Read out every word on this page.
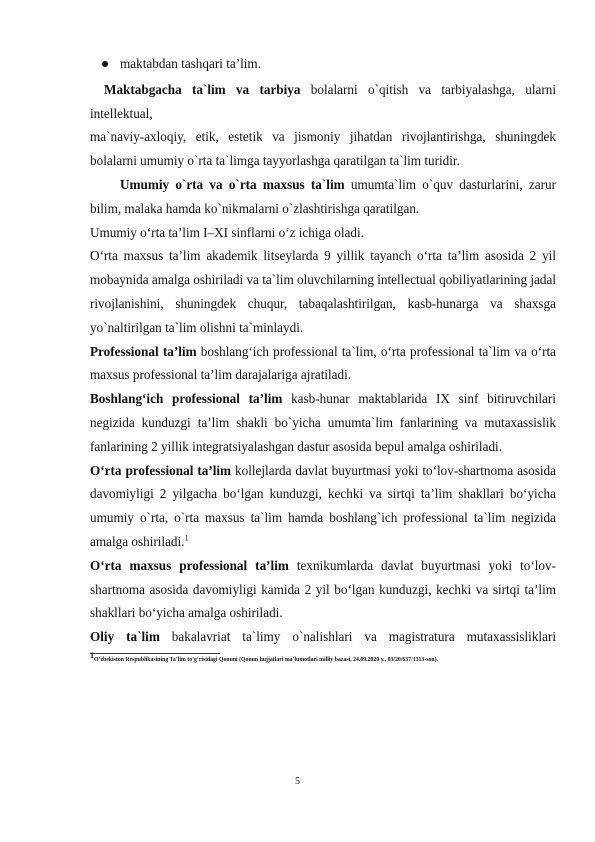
maktabdan tashqari ta’lim.

Maktabgacha ta`lim va tarbiya bolalarni o`qitish va tarbiyalashga, ularni intellektual,

ma`naviy-axloqiy, etik, estetik va jismoniy jihatdan rivojlantirishga, shuningdek bolalarni umumiy o`rta ta`limga tayyorlashga qaratilgan ta`lim turidir.

Umumiy o`rta va o`rta maxsus ta`lim umumta`lim o`quv dasturlarini, zarur bilim, malaka hamda ko`nikmalarni o`zlashtirishga qaratilgan.

Umumiy o‘rta ta’lim I–XI sinflarni o‘z ichiga oladi.

O‘rta maxsus ta’lim akademik litseylarda 9 yillik tayanch o‘rta ta’lim asosida 2 yil mobaynida amalga oshiriladi va ta`lim oluvchilarning intellectual qobiliyatlarining jadal rivojlanishini, shuningdek chuqur, tabaqalashtirilgan, kasb-hunarga va shaxsga yo`naltirilgan ta`lim olishni ta`minlaydi.

Professional ta’lim boshlang‘ich professional ta`lim, o‘rta professional ta`lim va o‘rta maxsus professional ta’lim darajalariga ajratiladi.

Boshlang‘ich professional ta’lim kasb-hunar maktablarida IX sinf bitiruvchilari negizida kunduzgi ta’lim shakli bo`yicha umumta`lim fanlarining va mutaxassislik fanlarining 2 yillik integratsiyalashgan dastur asosida bepul amalga oshiriladi.

O‘rta professional ta’lim kollejlarda davlat buyurtmasi yoki to‘lov-shartnoma asosida davomiyligi 2 yilgacha bo‘lgan kunduzgi, kechki va sirtqi ta’lim shakllari bo‘yicha umumiy o`rta, o`rta maxsus ta`lim hamda boshlang`ich professional ta`lim negizida amalga oshiriladi.$^1$

O‘rta maxsus professional ta’lim texnikumlarda davlat buyurtmasi yoki to‘lov-shartnoma asosida davomiyligi kamida 2 yil bo‘lgan kunduzgi, kechki va sirtqi ta’lim shakllari bo‘yicha amalga oshiriladi.

Oliy ta`lim bakalavriat ta`limy o`nalishlari va magistratura mutaxassisliklari

$^1$O‘zbekiston Respublikasining Ta’lim to‘g‘risidagi Qonuni (Qonun hujjatlari ma’lumotlari milliy bazasi, 24.09.2020 y., 03/20/637/1313-son).
5
